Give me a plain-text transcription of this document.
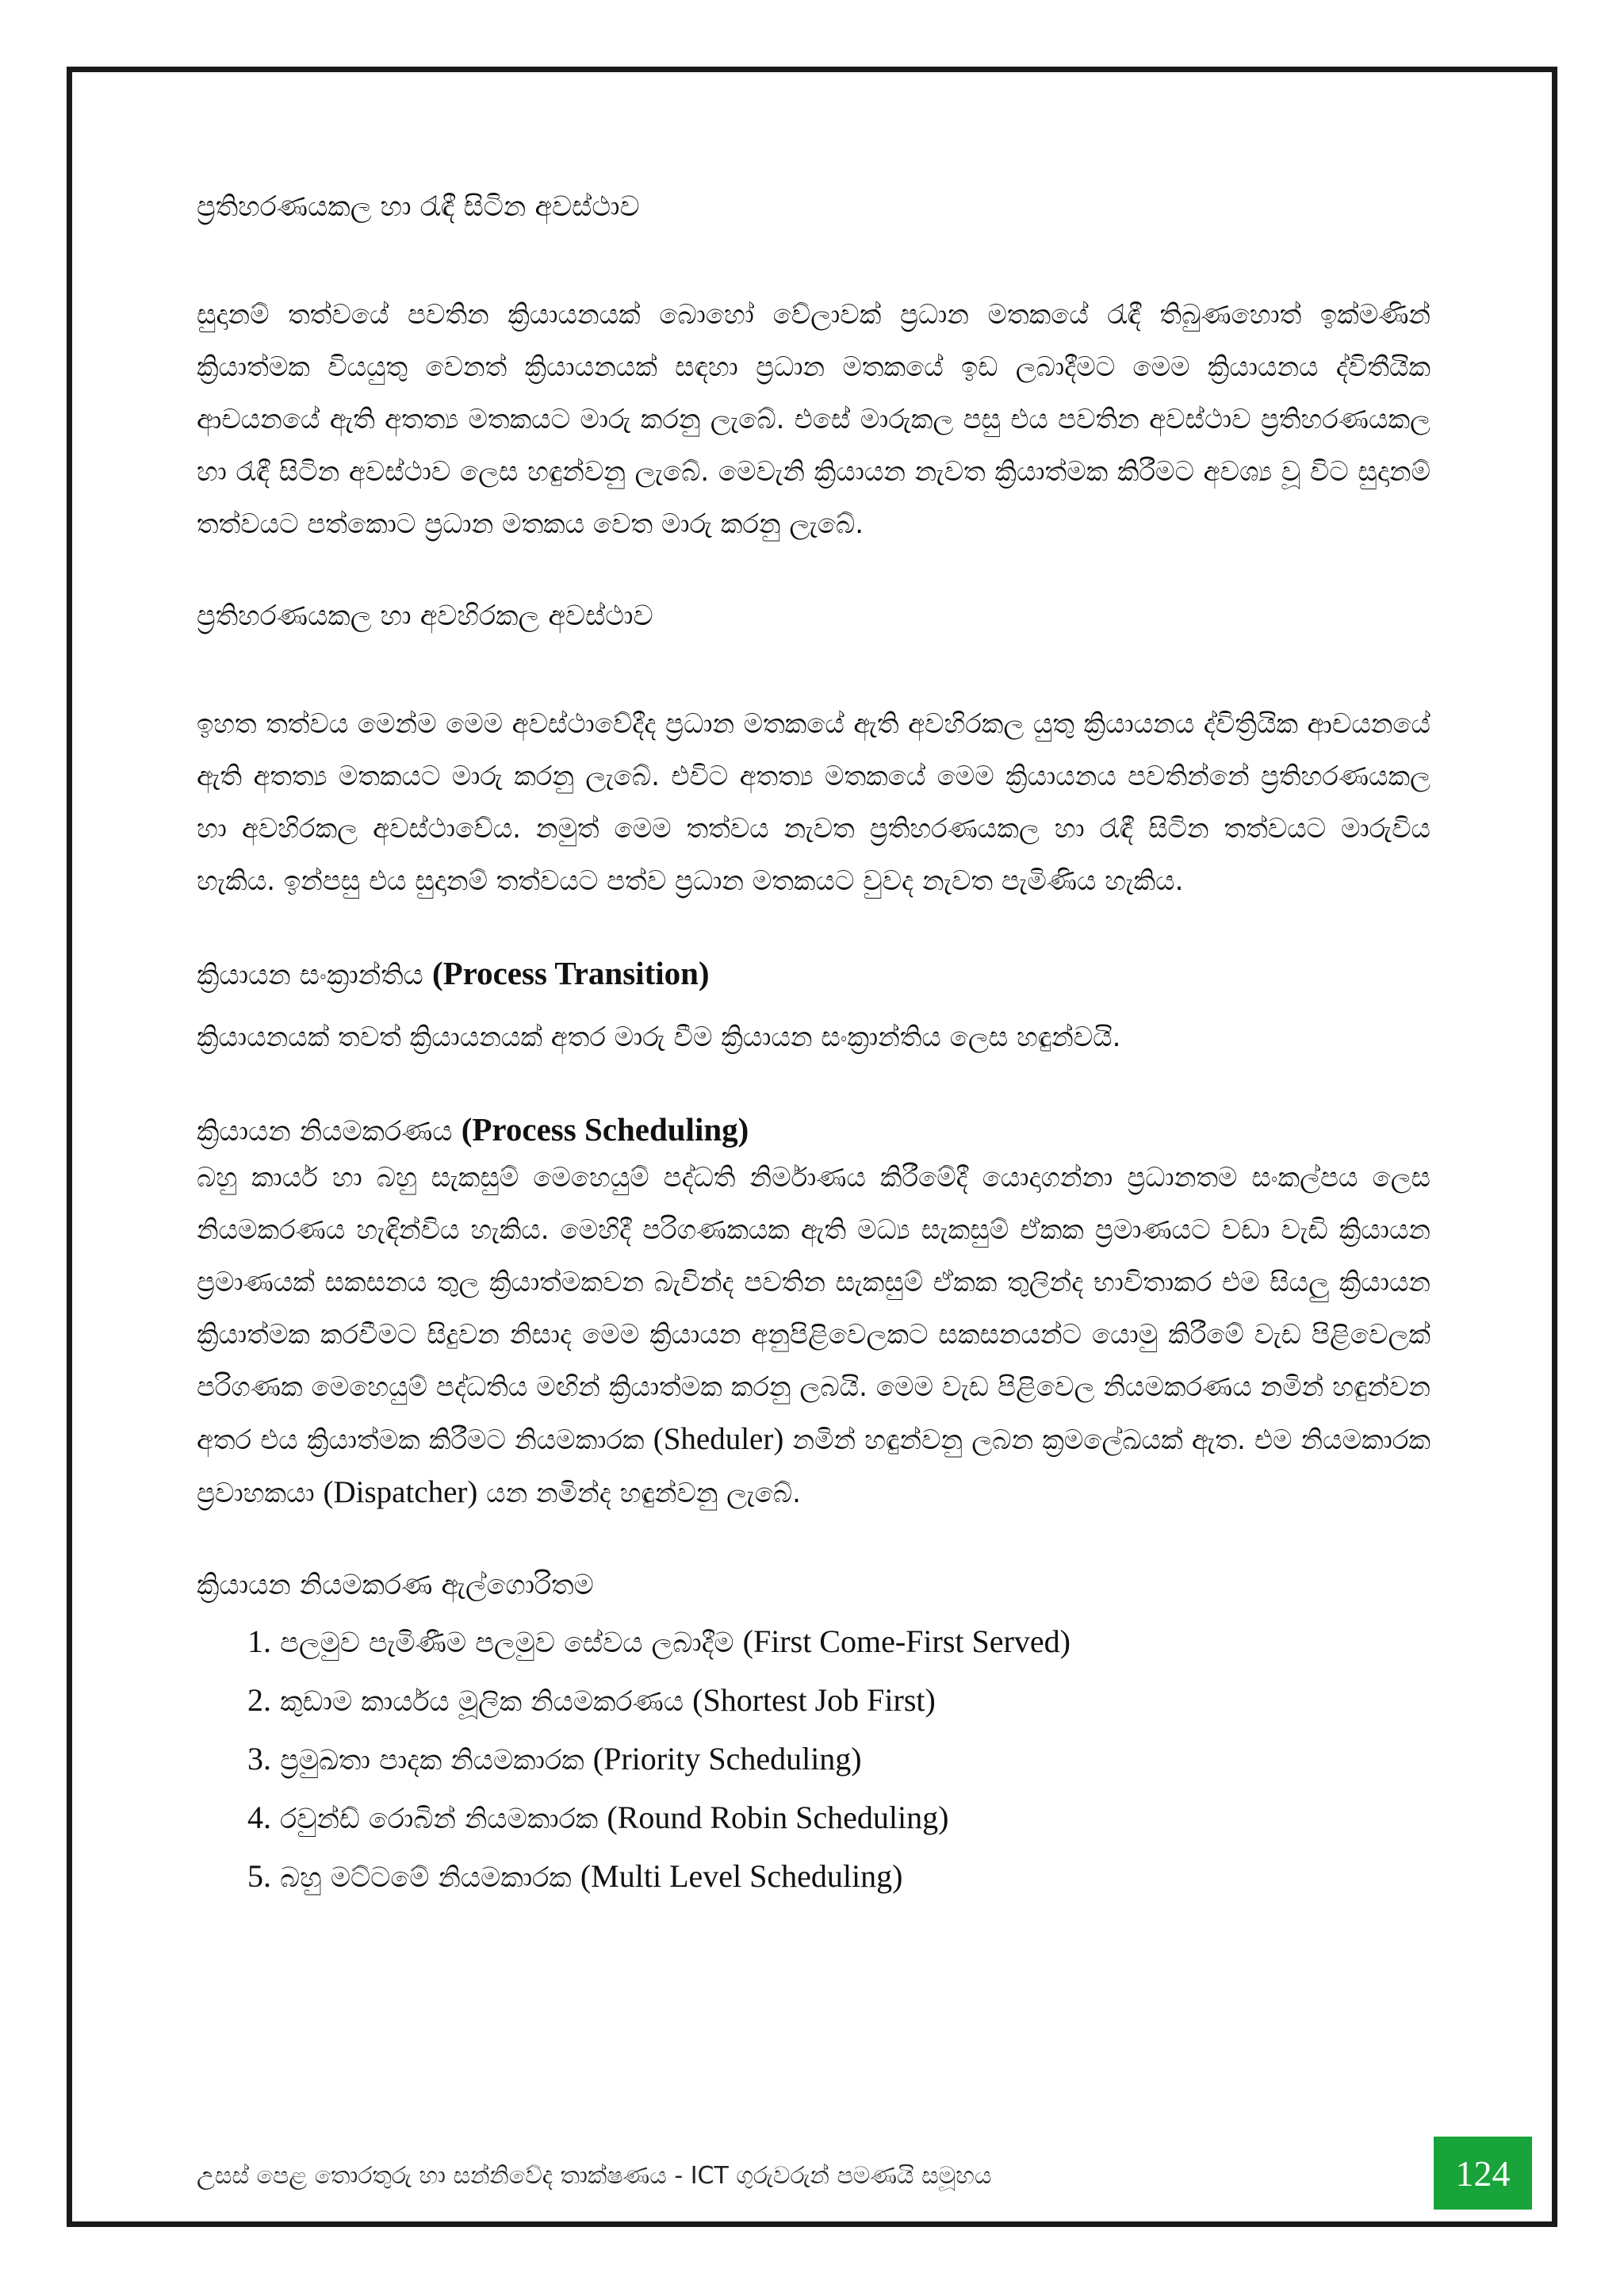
ප්‍රතිහරණයකල හා රැඳී සිටින අවස්ථාව

සුදානම් තත්වයේ පවතින ක්‍රියායනයක් බොහෝ වේලාවක් ප්‍රධාන මතකයේ රැඳී තිබුණහොත් ඉක්මණින් ක්‍රියාත්මක වියයුතු වෙනත් ක්‍රියායනයක් සඳහා ප්‍රධාන මතකයේ ඉඩ ලබාදීමට මෙම ක්‍රියායනය ද්විතීයික ආචයනයේ ඇති අතත්‍ය මතකයට මාරු කරනු ලැබේ. එසේ මාරුකල පසු එය පවතින අවස්ථාව ප්‍රතිහරණයකල හා රැඳී සිටින අවස්ථාව ලෙස හඳුන්වනු ලැබේ. මෙවැනි ක්‍රියායන නැවත ක්‍රියාත්මක කිරීමට අවශ්‍ය වූ විට සුදානම් තත්වයට පත්කොට ප්‍රධාන මතකය වෙත මාරු කරනු ලැබේ.

ප්‍රතිහරණයකල හා අවහිරකල අවස්ථාව

ඉහත තත්වය මෙන්ම මෙම අවස්ථාවේදීද ප්‍රධාන මතකයේ ඇති අවහිරකල යුතු ක්‍රියායනය ද්විත්‍රියික ආචයනයේ ඇති අතත්‍ය මතකයට මාරු කරනු ලැබේ. එවිට අතත්‍ය මතකයේ මෙම ක්‍රියායනය පවතින්නේ ප්‍රතිහරණයකල හා අවහිරකල අවස්ථාවේය. නමුත් මෙම තත්වය නැවත ප්‍රතිහරණයකල හා රැඳී සිටින තත්වයට මාරුවිය හැකිය. ඉන්පසු එය සුදානම් තත්වයට පත්ව ප්‍රධාන මතකයට වුවද නැවත පැමිණිය හැකිය.

ක්‍රියායන සංක්‍රාන්තිය (Process Transition)

ක්‍රියායනයක් තවත් ක්‍රියායනයක් අතර මාරු වීම ක්‍රියායන සංක්‍රාන්තිය ලෙස හඳුන්වයි.

ක්‍රියායන නියමකරණය (Process Scheduling)

බහු කාර්ය හා බහු සැකසුම් මෙහෙයුම් පද්ධති නිර්මාණය කිරීමේදී යොදාගන්නා ප්‍රධානතම සංකල්පය ලෙස නියමකරණය හැඳින්විය හැකිය. මෙහිදී පරිගණකයක ඇති මධ්‍ය සැකසුම් ඒකක ප්‍රමාණයට වඩා වැඩි ක්‍රියායන ප්‍රමාණයක් සකසනය තුල ක්‍රියාත්මකවන බැවින්ද පවතින සැකසුම් ඒකක තුලින්ද භාවිතාකර එම සියලු ක්‍රියායන ක්‍රියාත්මක කරවීමට සිදුවන නිසාද මෙම ක්‍රියායන අනුපිළිවෙලකට සකසනයන්ට යොමු කිරීමේ වැඩ පිළිවෙලක් පරිගණක මෙහෙයුම් පද්ධතිය මඟින් ක්‍රියාත්මක කරනු ලබයි. මෙම වැඩ පිළිවෙල නියමකරණය නමින් හඳුන්වන අතර එය ක්‍රියාත්මක කිරීමට නියමකාරක (Sheduler) නමින් හඳුන්වනු ලබන ක්‍රමලේඛයක් ඇත. එම නියමකාරක ප්‍රවාහකයා (Dispatcher) යන නමින්ද හඳුන්වනු ලැබේ.

ක්‍රියායන නියමකරණ ඇල්ගොරිතම

1. පලමුව පැමිණීම පලමුව සේවය ලබාදීම (First Come-First Served)
2. කුඩාම කාර්යය මූලික නියමකරණය (Shortest Job First)
3. ප්‍රමුඛතා පාදක නියමකාරක (Priority Scheduling)
4. රවුන්ඩ් රොබින් නියමකාරක (Round Robin Scheduling)
5. බහු මට්ටමේ නියමකාරක (Multi Level Scheduling)
උසස් පෙළ තොරතුරු හා සන්නිවේද තාක්ෂණය - ICT ගුරුවරුන් පමණයි සමූහය	124
